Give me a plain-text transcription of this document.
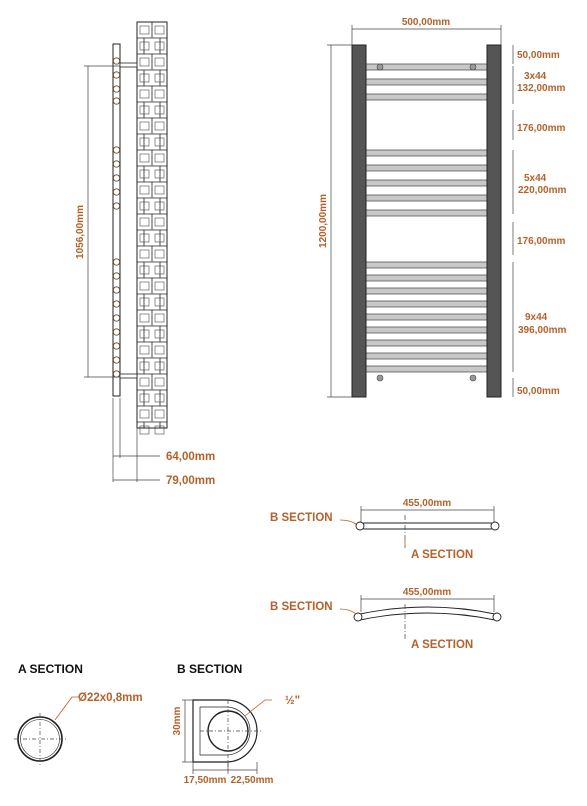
1056,00mm
64,00mm
79,00mm
500,00mm
1200,00mm
50,00mm
3x44
132,00mm
176,00mm
5x44
220,00mm
176,00mm
9x44
396,00mm
50,00mm
455,00mm
B SECTION
A SECTION
455,00mm
B SECTION
A SECTION
A SECTION
Ø22x0,8mm
B SECTION
½"
30mm
17,50mm 22,50mm
